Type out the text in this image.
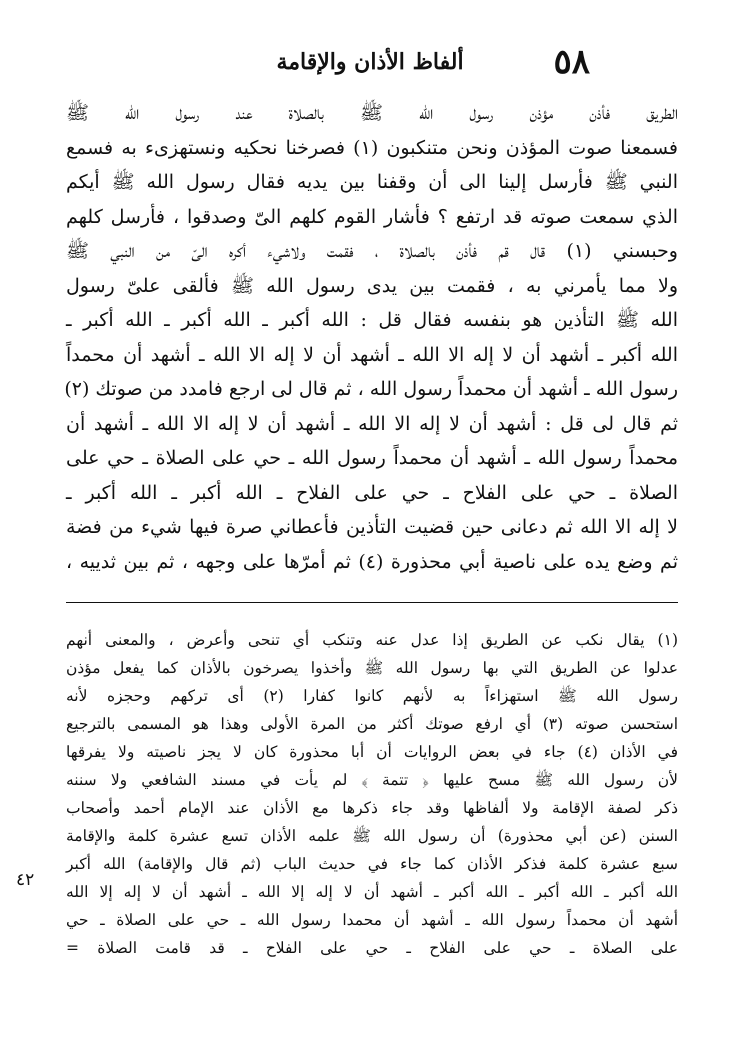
ألفاظ الأذان والإقامة	٥٨
الطريق فأذن مؤذن رسول الله ﷺ بالصلاة عند رسول الله ﷺ
فسمعنا صوت المؤذن ونحن متنكبون (١) فصرخنا نحكيه ونستهزىء به فسمع
النبي ﷺ فأرسل إلينا الى أن وقفنا بين يديه فقال رسول الله ﷺ أيكم
الذي سمعت صوته قد ارتفع ؟ فأشار القوم كلهم الىّ وصدقوا ، فأرسل كلهم
وحبسني (١) قال قم فأذن بالصلاة ، فقمت ولاشيء أكره الىّ من النبي ﷺ
ولا مما يأمرني به ، فقمت بين يدى رسول الله ﷺ فألقى علىّ رسول
الله ﷺ التأذين هو بنفسه فقال قل : الله أكبر ـ الله أكبر ـ الله أكبر ـ
الله أكبر ـ أشهد أن لا إله الا الله ـ أشهد أن لا إله الا الله ـ أشهد أن محمداً
رسول الله ـ أشهد أن محمداً رسول الله ، ثم قال لى ارجع فامدد من صوتك (٢)
ثم قال لى قل : أشهد أن لا إله الا الله ـ أشهد أن لا إله الا الله ـ أشهد أن
محمداً رسول الله ـ أشهد أن محمداً رسول الله ـ حي على الصلاة ـ حي على
الصلاة ـ حي على الفلاح ـ حي على الفلاح ـ الله أكبر ـ الله أكبر ـ
لا إله الا الله ثم دعانى حين قضيت التأذين فأعطاني صرة فيها شيء من فضة
ثم وضع يده على ناصية أبي محذورة (٤) ثم أمرّها على وجهه ، ثم بين ثدييه ،
(١) يقال نكب عن الطريق إذا عدل عنه وتنكب أي تنحى وأعرض ، والمعنى أنهم
عدلوا عن الطريق التي بها رسول الله ﷺ وأخذوا يصرخون بالأذان كما يفعل مؤذن
رسول الله ﷺ استهزاءاً به لأنهم كانوا كفارا (٢) أى تركهم وحجزه لأنه
استحسن صوته (٣) أي ارفع صوتك أكثر من المرة الأولى وهذا هو المسمى بالترجيع
في الأذان (٤) جاء في بعض الروايات أن أبا محذورة كان لا يجز ناصيته ولا يفرقها
لأن رسول الله ﷺ مسح عليها ﴿ تتمة ﴾ لم يأت في مسند الشافعي ولا سننه
ذكر لصفة الإقامة ولا ألفاظها وقد جاء ذكرها مع الأذان عند الإمام أحمد وأصحاب
السنن (عن أبي محذورة) أن رسول الله ﷺ علمه الأذان تسع عشرة كلمة والإقامة
سبع عشرة كلمة فذكر الأذان كما جاء في حديث الباب (ثم قال والإقامة) الله أكبر
الله أكبر ـ الله أكبر ـ الله أكبر ـ أشهد أن لا إله إلا الله ـ أشهد أن لا إله إلا الله
أشهد أن محمداً رسول الله ـ أشهد أن محمدا رسول الله ـ حي على الصلاة ـ حي
على الصلاة ـ حي على الفلاح ـ حي على الفلاح ـ قد قامت الصلاة =
٤٢
